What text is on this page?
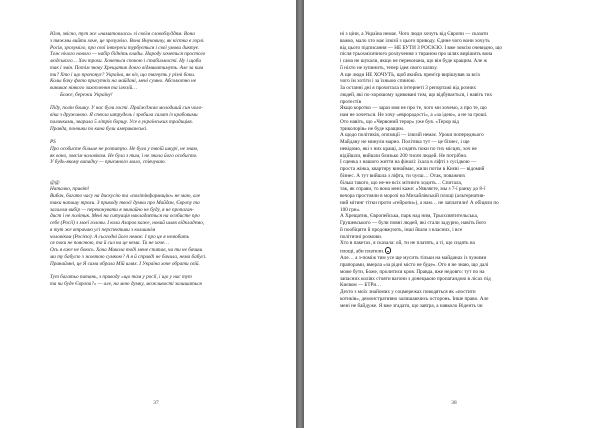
Юля, звісно, тут же «наматовласа» зі своїм словоблуддям. Вона
з тяжмы вийти хоче, це зрозуміло. Вона Януковичу, як кістка в горлі.
Росія, зрозуміло, про свої інтереси турбується і свої умови диктує.
Тож нічого нового — набір бідніть влады. Народу хочеться простого
людського… Хоч трохи. Хочеться спокою і стабільності. Ну і щоби
так і змін. Потім знову Хрещатик довго відмиватимуть. Але за ким
ти? Хто і що пропонує? Україна, як віз, що тягнуть у різні боки.
Колы бачу фото присутніх на майдані, мені сумно. Абсолютно не
виникає ніякого захоплення та ілюзій…
Боже, бережи Україну!
Піду, полін бошку. У нас були гості. Приїжджав молодший син чоло-
віка з дружиною. Я спекла штрудель і зробила салат із крабовими
паличками, зварила 5 літрів борщу. Усе в українських традиціях.
Правда, пончики по кана були американські.
PS
Про особисте більше не розпитую. Не була у твоїй шкурі, не знаю,
як воно, зовсім чоловіком. Не була з тим, і не знала його особисто.
У будь-якому випадку — приємного мало, співчуваю.
@@
Наталко, привіт!
Вибач, багато часу на дискусію та «політінформацію» не маю, але
таки напишу трохи. З приводу твоєї думки про Майдан, Європу та
загалом вибір — переконувати я звичайно не буду, я не пропаган-
дист і не політик. Мені на ситуація накладається на особисте про
себе (Росії) з моєї голови. І коли Азаров каже, новий шлях відкладемо,
я тут же втрачаю усі перспективи з колишнім
чоловіком (Росією). А сьогодні його немає. І про це я нелюбить
ся поки не пояснюю, та й сил на це нема. Та не хоче…
Ось я вже не боюсь. Хоча Микола тоді мене спитав, чи ти не бачиш
ми ту бабусю з жовтою сумкою? А я й справді не бачила, нема бабусі.
Принаймні, це Я сама обрала Мій шлях. І Україна хоче обрати свій.
Тут багатьо питань, з приводу «що там у росії, і що у нас тут
та чи буде Європа?» — але, на мою думку, можливості залишаться
37
ні з ціни, а Україна немає. Чого люди хочуть від Європи — сказати
важко, мало хто має ілюзії з цього приводу. Єдине чого вони хочуть
від цього підписання — НЕ БУТИ З РОСІЄЮ. І вже зовсім очевидно, що
після трьохмісячного розлучення з тираном про шлях вирішить вона
і сама не шукали, якщо не переконана, що він буде кращим. Але ж
її ніхто не зупинить, тепер ідея свого шляху.
А ще люди НЕ ХОЧУТЬ, щоб якийсь прем'єр вирішував за всіх
чого їм хотіти і за їхньою спиною.
За останні дні я прочитала в інтернеті 3 репортажі від розних
людей, які по-хорошому здивовані тим, що відбувається, і навіть тих
протестів
Якщо коротко — зараз моя не про те, чого ми хочемо, а про те, що
нам не хочеться. Не хочу «еврорадості», а «за ідею», а не за гроші.
Ото навіть, що «Червоний терор» уже був. «Терор від
триколорів» не буде кращим.
А щодо політиків, опозиції — ілюзій немає. Уроки попереднього
Майдану не минули марно. Політика тут — це бізнес, і ще
невідомо, які з них кращі, а сидять поки по тих місцях, хоч не
відійшли, вийшли близько 200 тисяч людей. Не потрібно.
І сценка з нашого життя на фіналі: їхала в ліфті з сусідкою —
проста жінка, квартиру винаймає, жили потім в Києві — відомий
бізнес. А тут вийшла з ліфта, ти чуєш… Отак, поважних
більш такого, що не-не всіх мітинги ходить… Спитала,
так, як справи, то вона мені каже: «Уявляєте, мы з 7-ї ранку до 8-ї
вечора простояли в морозі на Михайлівській площі (альтернатив-
ний мітинг тітки проти «гейропи»), а нам… не заплатили! А обіцяли по
100 грн».
А Хрещатик, Європейська, парк над ним, Трьохсвятительська,
Грушевського — були повні людей, які стали задурно, навіть його
й пообіцяти й продовжують, інші йшли з власних, і все
політичні розмови.
Хто в пакетах, я сказала: ой, ти не платять, а ті, що сидять на
площі, аби платили.
Але… а з-поміж тим усе ще мусить тільки на майданах із чужими
прапорами, вмерла «за рідні місто не буде». Ото я не знаю, що далі
може бути, Боже, пролитися кров. Правда, вже недовго: тут по на
запасних коліях стояти вагони з донецькою пропагандою в лісах під
Києвом — БТРи…
Дехто з моїх знайомих у соцмережах поводяться як «постити
котиків», демонстративно залишаючись осторонь. Інше право. Але
мені не байдуже. Я вже згадати, що завтра, а навколо Віденть чи
38
